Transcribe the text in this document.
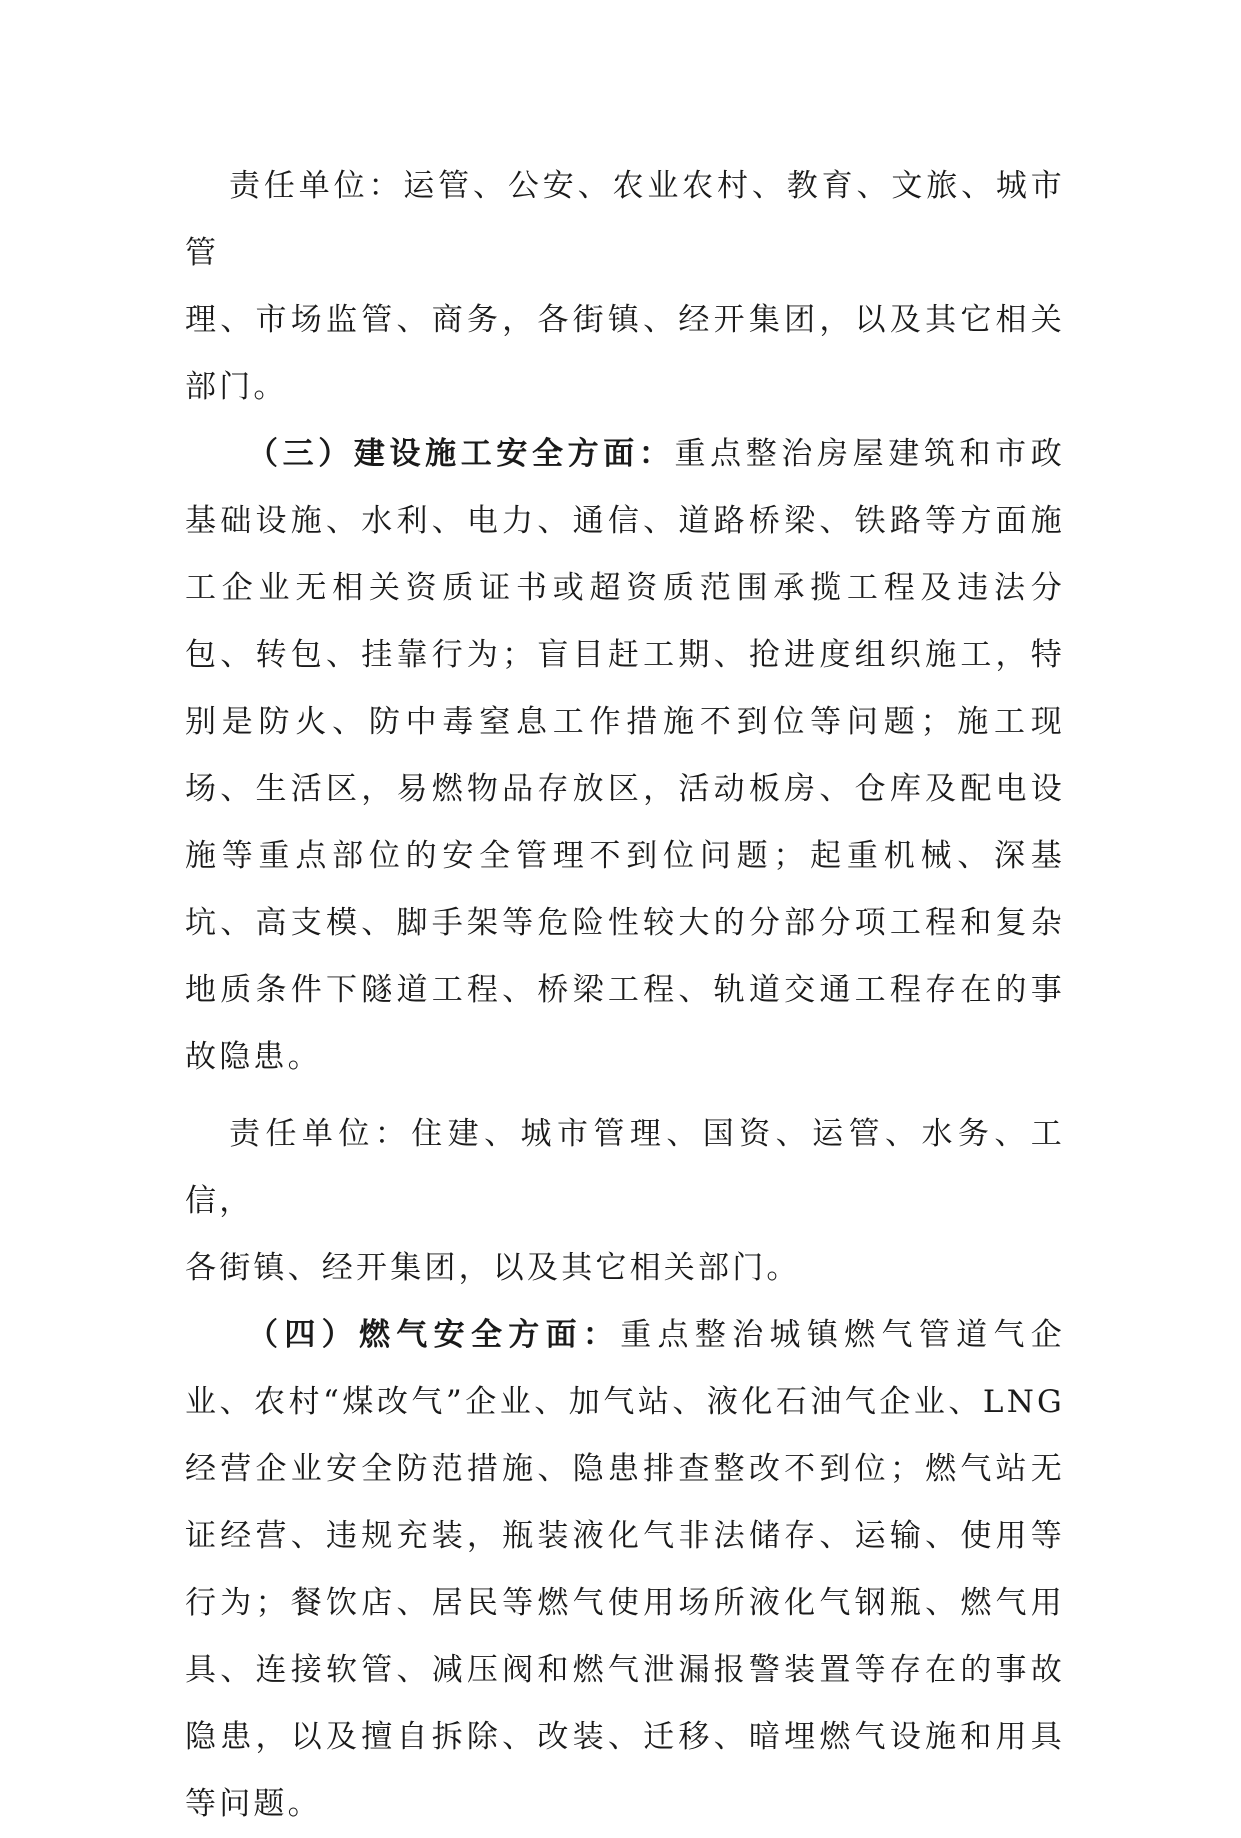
责任单位：运管、公安、农业农村、教育、文旅、城市管
理、市场监管、商务，各街镇、经开集团，以及其它相关部门。

（三）建设施工安全方面：重点整治房屋建筑和市政基础设施、水利、电力、通信、道路桥梁、铁路等方面施工企业无相关资质证书或超资质范围承揽工程及违法分包、转包、挂靠行为；盲目赶工期、抢进度组织施工，特别是防火、防中毒窒息工作措施不到位等问题；施工现场、生活区，易燃物品存放区，活动板房、仓库及配电设施等重点部位的安全管理不到位问题；起重机械、深基坑、高支模、脚手架等危险性较大的分部分项工程和复杂地质条件下隧道工程、桥梁工程、轨道交通工程存在的事故隐患。

责任单位：住建、城市管理、国资、运管、水务、工信，
各街镇、经开集团，以及其它相关部门。

（四）燃气安全方面：重点整治城镇燃气管道气企业、农村“煤改气”企业、加气站、液化石油气企业、LNG经营企业安全防范措施、隐患排查整改不到位；燃气站无证经营、违规充装，瓶装液化气非法储存、运输、使用等行为；餐饮店、居民等燃气使用场所液化气钢瓶、燃气用具、连接软管、减压阀和燃气泄漏报警装置等存在的事故隐患，以及擅自拆除、改装、迁移、暗埋燃气设施和用具等问题。
